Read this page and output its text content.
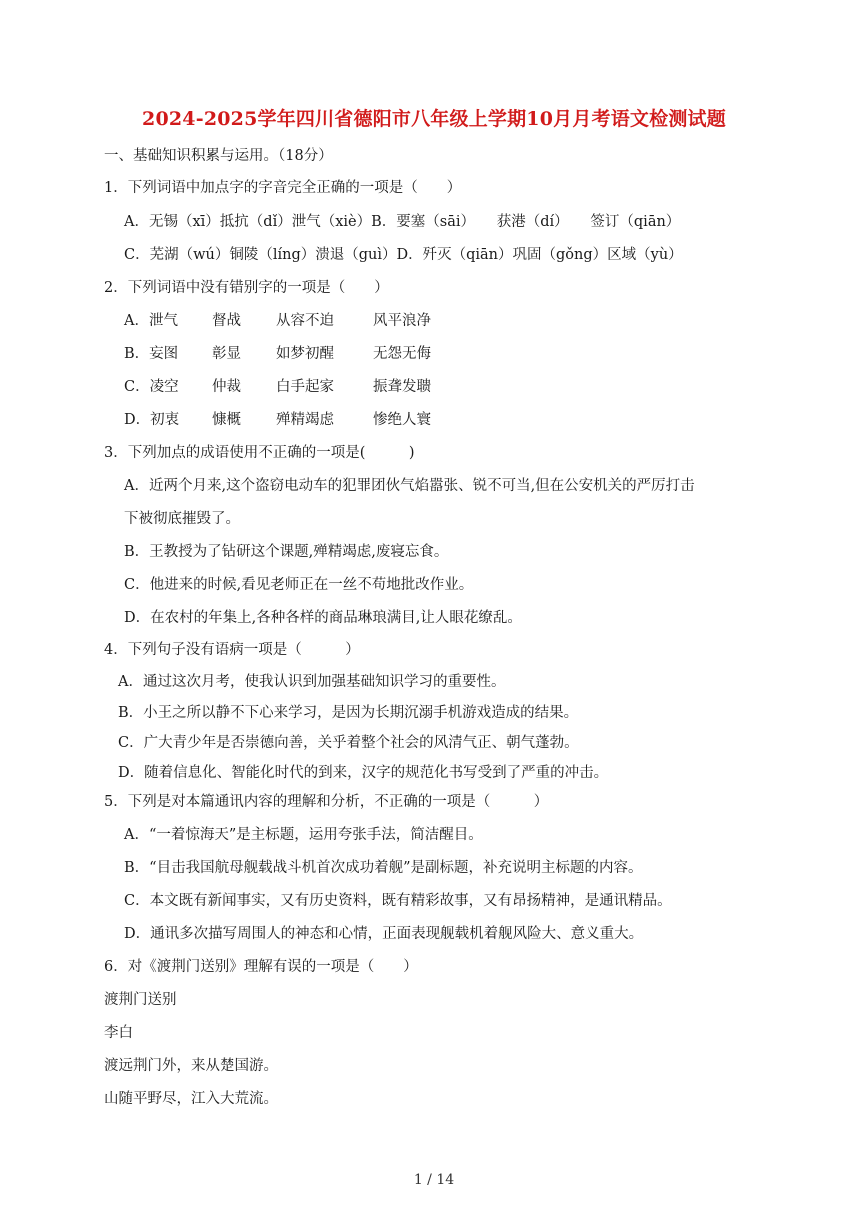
2024-2025学年四川省德阳市八年级上学期10月月考语文检测试题
一、基础知识积累与运用。（18分）
1．下列词语中加点字的字音完全正确的一项是（　　）
A．无锡（xī）抵抗（dǐ）泄气（xiè）B．要塞（sāi）　　获港（dí）　　签订（qiān）
C．芜湖（wú）铜陵（líng）溃退（guì）D．歼灭（qiān）巩固（gǒng）区域（yù）
2．下列词语中没有错别字的一项是（　　）
A．泄气 督战 从容不迫	风平浪净
B．妄图 彰显 如梦初醒	无怨无侮
C．凌空 仲裁 白手起家	振聋发聩
D．初衷 慷概 殚精竭虑	惨绝人寰
3．下列加点的成语使用不正确的一项是(　　　)
A．近两个月来,这个盗窃电动车的犯罪团伙气焰嚣张、锐不可当,但在公安机关的严厉打击
下被彻底摧毁了。
B．王教授为了钻研这个课题,殚精竭虑,废寝忘食。
C．他进来的时候,看见老师正在一丝不苟地批改作业。
D．在农村的年集上,各种各样的商品琳琅满目,让人眼花缭乱。
4．下列句子没有语病一项是（　　　）
A．通过这次月考，使我认识到加强基础知识学习的重要性。
B．小王之所以静不下心来学习，是因为长期沉溺手机游戏造成的结果。
C．广大青少年是否崇德向善，关乎着整个社会的风清气正、朝气蓬勃。
D．随着信息化、智能化时代的到来，汉字的规范化书写受到了严重的冲击。
5．下列是对本篇通讯内容的理解和分析，不正确的一项是（　　　）
A．“一着惊海天”是主标题，运用夸张手法，简洁醒目。
B．“目击我国航母舰载战斗机首次成功着舰”是副标题，补充说明主标题的内容。
C．本文既有新闻事实，又有历史资料，既有精彩故事，又有昂扬精神，是通讯精品。
D．通讯多次描写周围人的神态和心情，正面表现舰载机着舰风险大、意义重大。
6．对《渡荆门送别》理解有误的一项是（　　）
渡荆门送别
李白
渡远荆门外，来从楚国游。
山随平野尽，江入大荒流。
1 / 14
